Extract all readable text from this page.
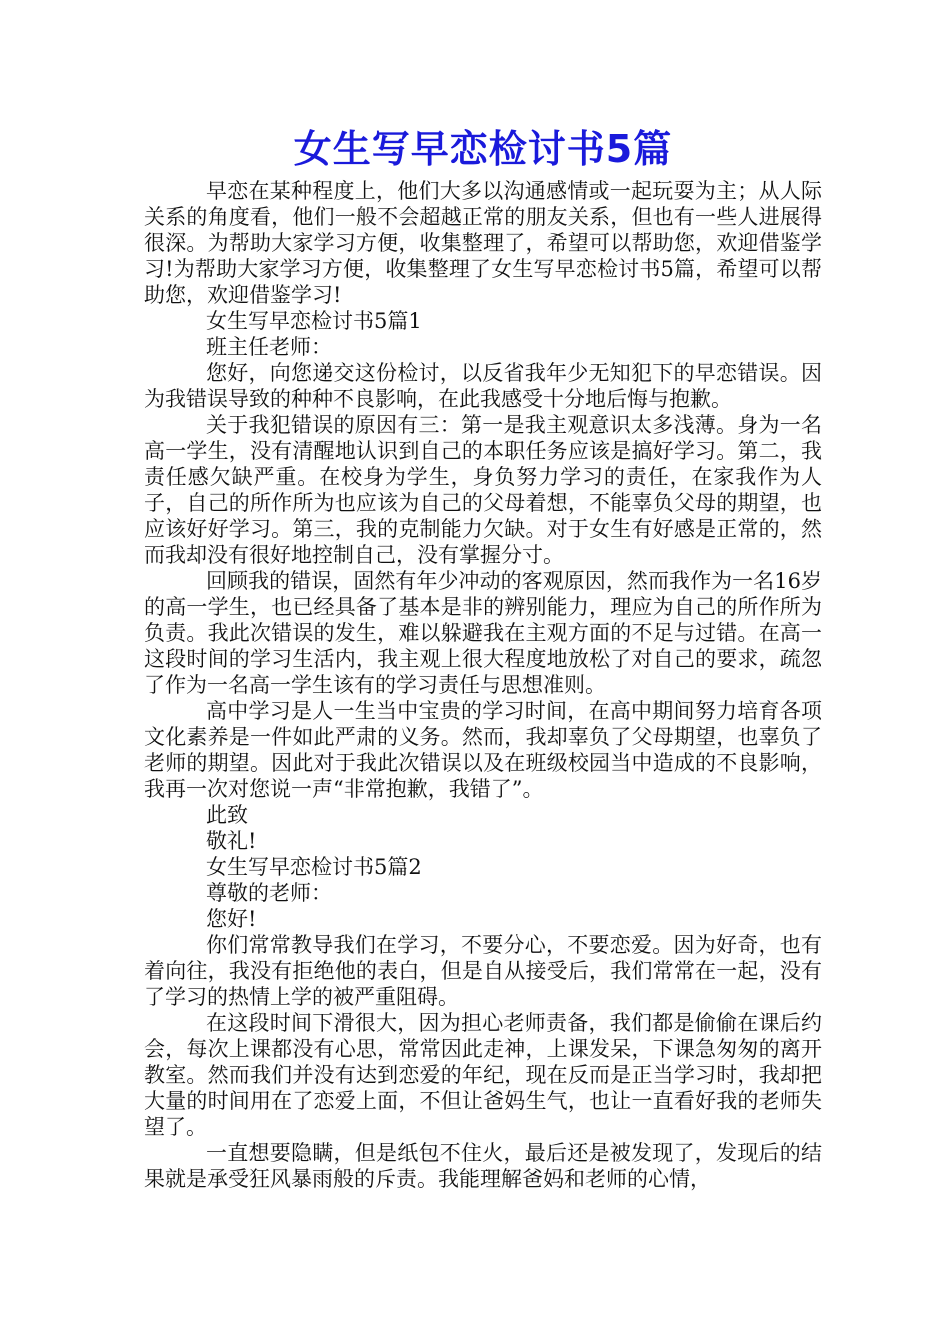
女生写早恋检讨书5篇

早恋在某种程度上，他们大多以沟通感情或一起玩耍为主；从人际关系的角度看，他们一般不会超越正常的朋友关系，但也有一些人进展得很深。为帮助大家学习方便，收集整理了，希望可以帮助您，欢迎借鉴学习!为帮助大家学习方便，收集整理了女生写早恋检讨书5篇，希望可以帮助您，欢迎借鉴学习!

女生写早恋检讨书5篇1

班主任老师：

您好，向您递交这份检讨，以反省我年少无知犯下的早恋错误。因为我错误导致的种种不良影响，在此我感受十分地后悔与抱歉。

关于我犯错误的原因有三：第一是我主观意识太多浅薄。身为一名高一学生，没有清醒地认识到自己的本职任务应该是搞好学习。第二，我责任感欠缺严重。在校身为学生，身负努力学习的责任，在家我作为人子，自己的所作所为也应该为自己的父母着想，不能辜负父母的期望，也应该好好学习。第三，我的克制能力欠缺。对于女生有好感是正常的，然而我却没有很好地控制自己，没有掌握分寸。

回顾我的错误，固然有年少冲动的客观原因，然而我作为一名16岁的高一学生，也已经具备了基本是非的辨别能力，理应为自己的所作所为负责。我此次错误的发生，难以躲避我在主观方面的不足与过错。在高一这段时间的学习生活内，我主观上很大程度地放松了对自己的要求，疏忽了作为一名高一学生该有的学习责任与思想准则。

高中学习是人一生当中宝贵的学习时间，在高中期间努力培育各项文化素养是一件如此严肃的义务。然而，我却辜负了父母期望，也辜负了老师的期望。因此对于我此次错误以及在班级校园当中造成的不良影响，我再一次对您说一声“非常抱歉，我错了”。

此致

敬礼!

女生写早恋检讨书5篇2

尊敬的老师：

您好!

你们常常教导我们在学习，不要分心，不要恋爱。因为好奇，也有着向往，我没有拒绝他的表白，但是自从接受后，我们常常在一起，没有了学习的热情上学的被严重阻碍。

在这段时间下滑很大，因为担心老师责备，我们都是偷偷在课后约会，每次上课都没有心思，常常因此走神，上课发呆，下课急匆匆的离开教室。然而我们并没有达到恋爱的年纪，现在反而是正当学习时，我却把大量的时间用在了恋爱上面，不但让爸妈生气，也让一直看好我的老师失望了。

一直想要隐瞒，但是纸包不住火，最后还是被发现了，发现后的结果就是承受狂风暴雨般的斥责。我能理解爸妈和老师的心情，
